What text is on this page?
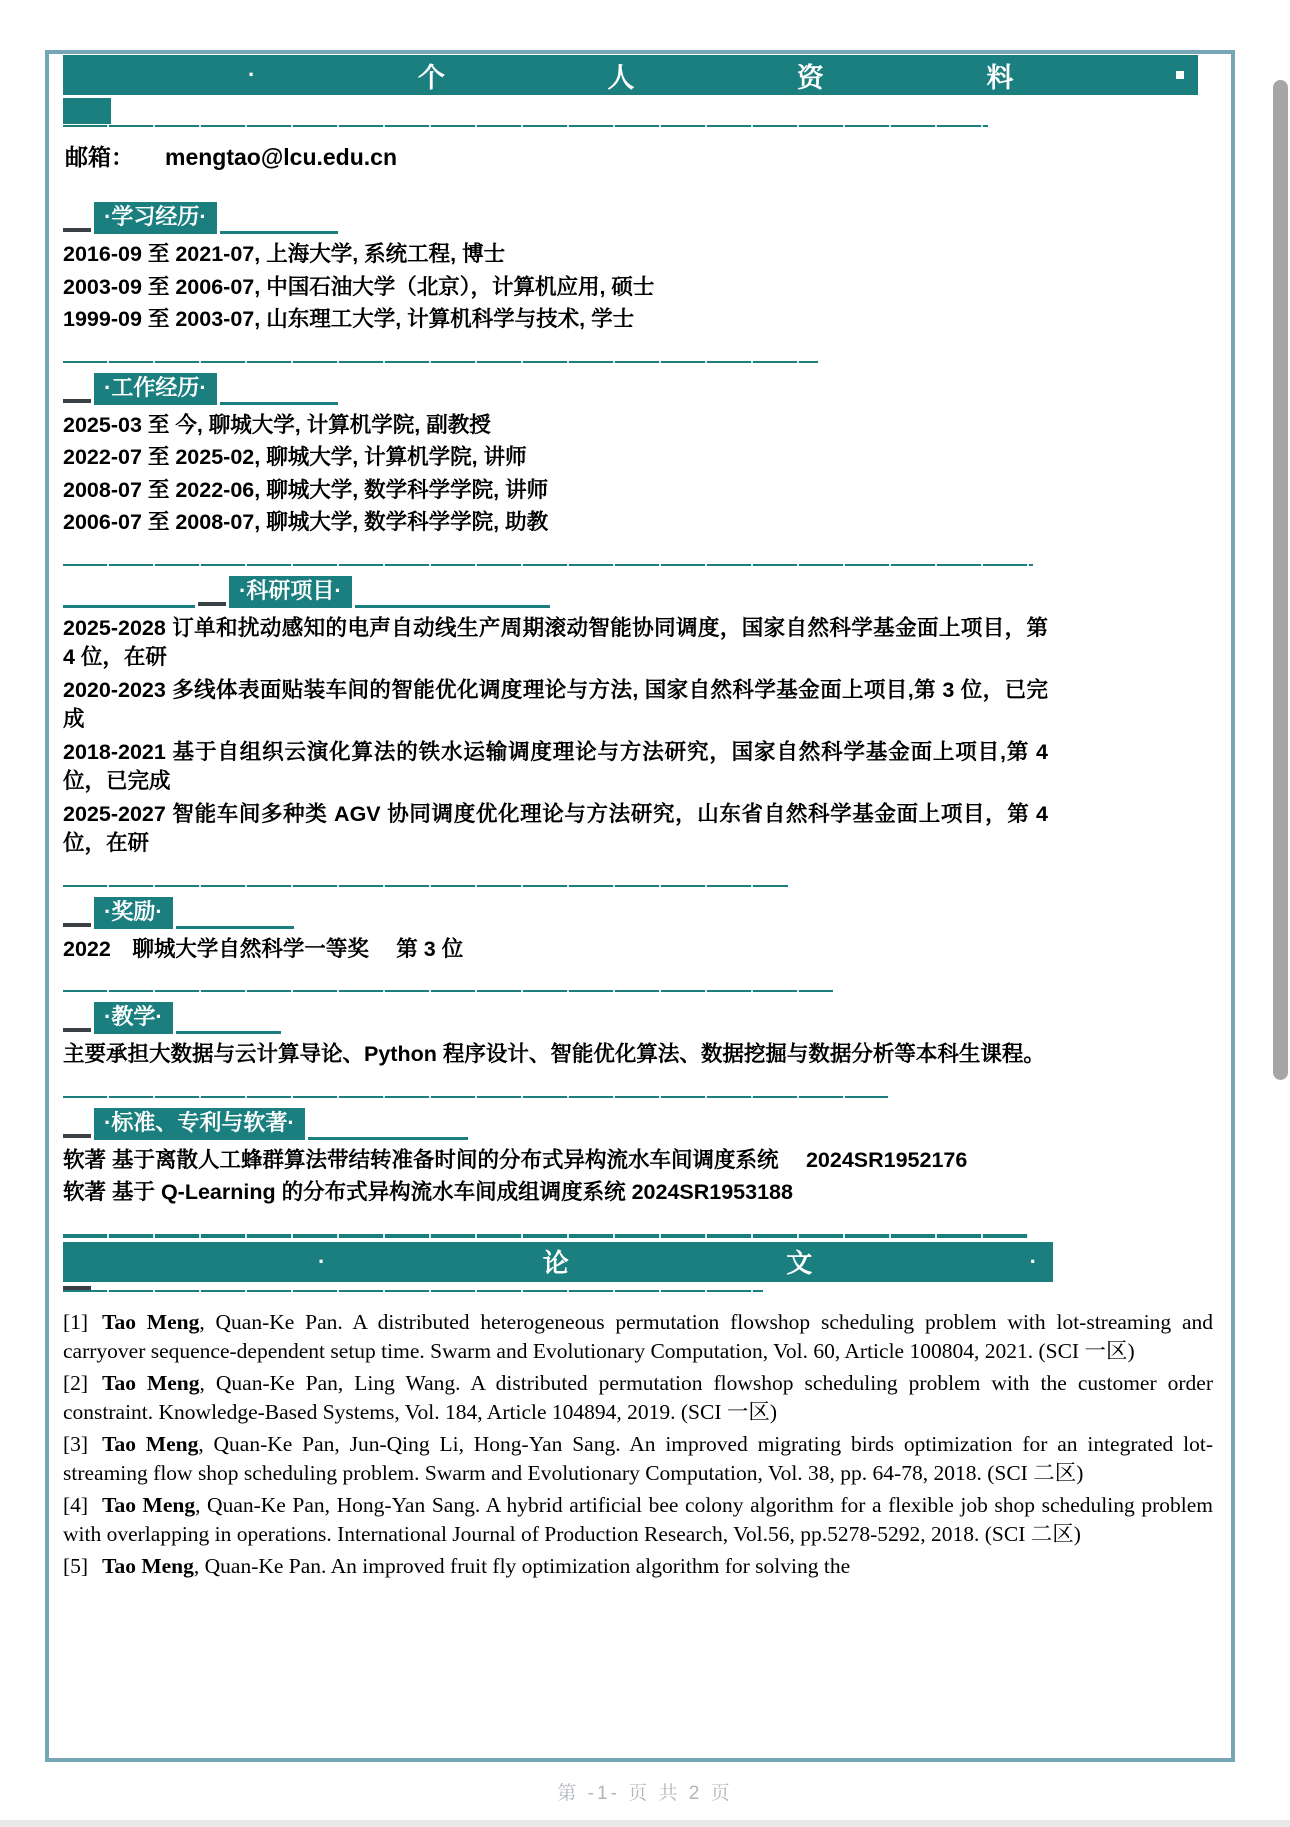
·	个	人	资	料

邮箱： mengtao@lcu.edu.cn

·学习经历·

2016-09 至 2021-07, 上海大学, 系统工程, 博士

2003-09 至 2006-07, 中国石油大学（北京），计算机应用, 硕士

1999-09 至 2003-07, 山东理工大学, 计算机科学与技术, 学士

·工作经历·

2025-03 至 今, 聊城大学, 计算机学院, 副教授

2022-07 至 2025-02, 聊城大学, 计算机学院, 讲师

2008-07 至 2022-06, 聊城大学, 数学科学学院, 讲师

2006-07 至 2008-07, 聊城大学, 数学科学学院, 助教

·科研项目·

2025-2028 订单和扰动感知的电声自动线生产周期滚动智能协同调度，国家自然科学基金面上项目，第 4 位，在研

2020-2023 多线体表面贴装车间的智能优化调度理论与方法, 国家自然科学基金面上项目,第 3 位，已完成

2018-2021 基于自组织云演化算法的铁水运输调度理论与方法研究，国家自然科学基金面上项目,第 4 位，已完成

2025-2027 智能车间多种类 AGV 协同调度优化理论与方法研究，山东省自然科学基金面上项目，第 4 位，在研

·奖励·

2022　聊城大学自然科学一等奖　 第 3 位

·教学·

主要承担大数据与云计算导论、Python 程序设计、智能优化算法、数据挖掘与数据分析等本科生课程。

·标准、专利与软著·

软著 基于离散人工蜂群算法带结转准备时间的分布式异构流水车间调度系统　 2024SR1952176

软著 基于 Q-Learning 的分布式异构流水车间成组调度系统 2024SR1953188

·	论	文	·

[1] Tao Meng, Quan-Ke Pan. A distributed heterogeneous permutation flowshop scheduling problem with lot-streaming and carryover sequence-dependent setup time. Swarm and Evolutionary Computation, Vol. 60, Article 100804, 2021. (SCI 一区)

[2] Tao Meng, Quan-Ke Pan, Ling Wang. A distributed permutation flowshop scheduling problem with the customer order constraint. Knowledge-Based Systems, Vol. 184, Article 104894, 2019. (SCI 一区)

[3] Tao Meng, Quan-Ke Pan, Jun-Qing Li, Hong-Yan Sang. An improved migrating birds optimization for an integrated lot-streaming flow shop scheduling problem. Swarm and Evolutionary Computation, Vol. 38, pp. 64-78, 2018. (SCI 二区)

[4] Tao Meng, Quan-Ke Pan, Hong-Yan Sang. A hybrid artificial bee colony algorithm for a flexible job shop scheduling problem with overlapping in operations. International Journal of Production Research, Vol.56, pp.5278-5292, 2018. (SCI 二区)

[5] Tao Meng, Quan-Ke Pan. An improved fruit fly optimization algorithm for solving the

第 -1- 页 共 2 页
